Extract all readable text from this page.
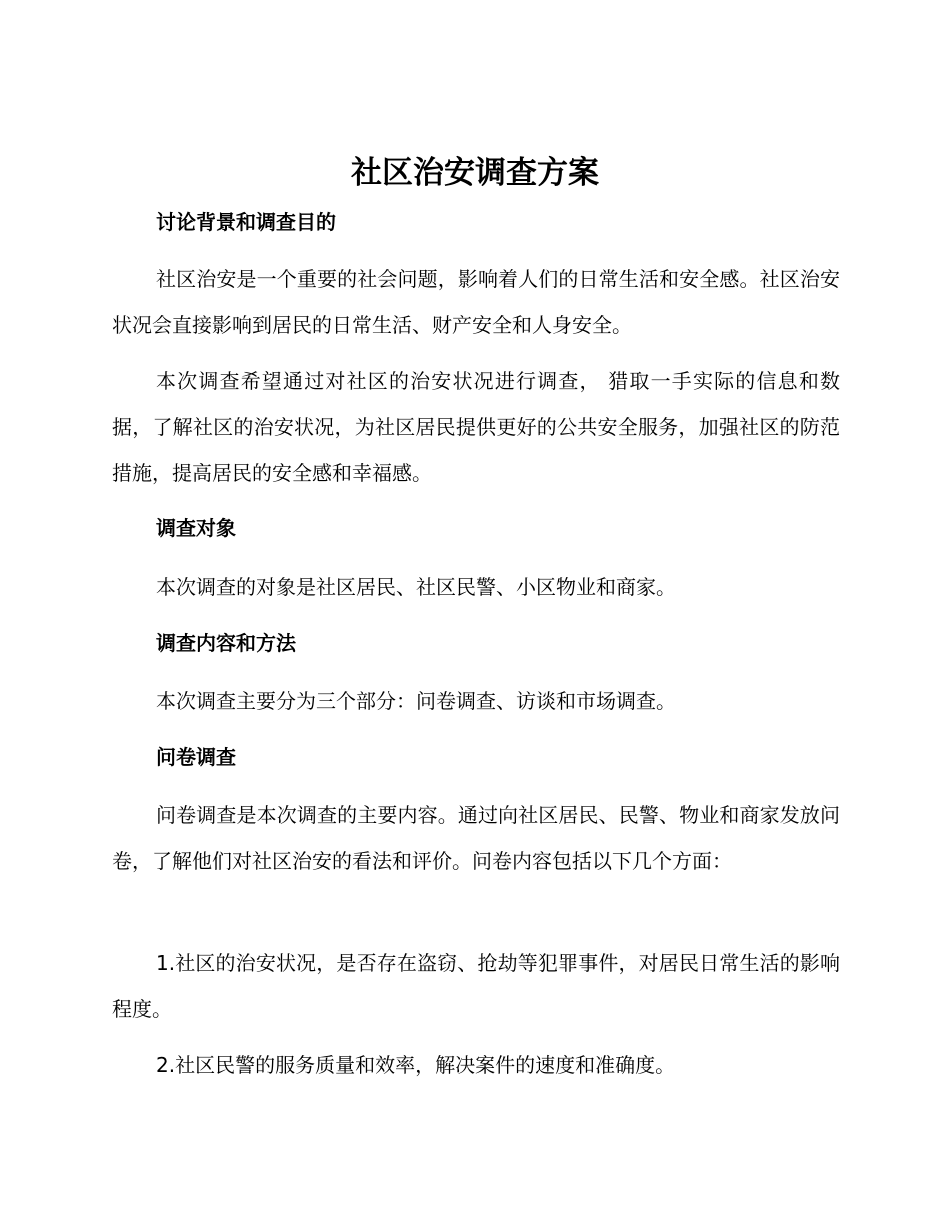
社区治安调查方案
讨论背景和调查目的

社区治安是一个重要的社会问题，影响着人们的日常生活和安全感。社区治安状况会直接影响到居民的日常生活、财产安全和人身安全。

本次调查希望通过对社区的治安状况进行调查， 猎取一手实际的信息和数据，了解社区的治安状况，为社区居民提供更好的公共安全服务，加强社区的防范措施，提高居民的安全感和幸福感。

调查对象

本次调查的对象是社区居民、社区民警、小区物业和商家。

调查内容和方法

本次调查主要分为三个部分：问卷调查、访谈和市场调查。

问卷调查

问卷调查是本次调查的主要内容。通过向社区居民、民警、物业和商家发放问卷，了解他们对社区治安的看法和评价。问卷内容包括以下几个方面：

1.社区的治安状况，是否存在盗窃、抢劫等犯罪事件，对居民日常生活的影响程度。

2.社区民警的服务质量和效率，解决案件的速度和准确度。
